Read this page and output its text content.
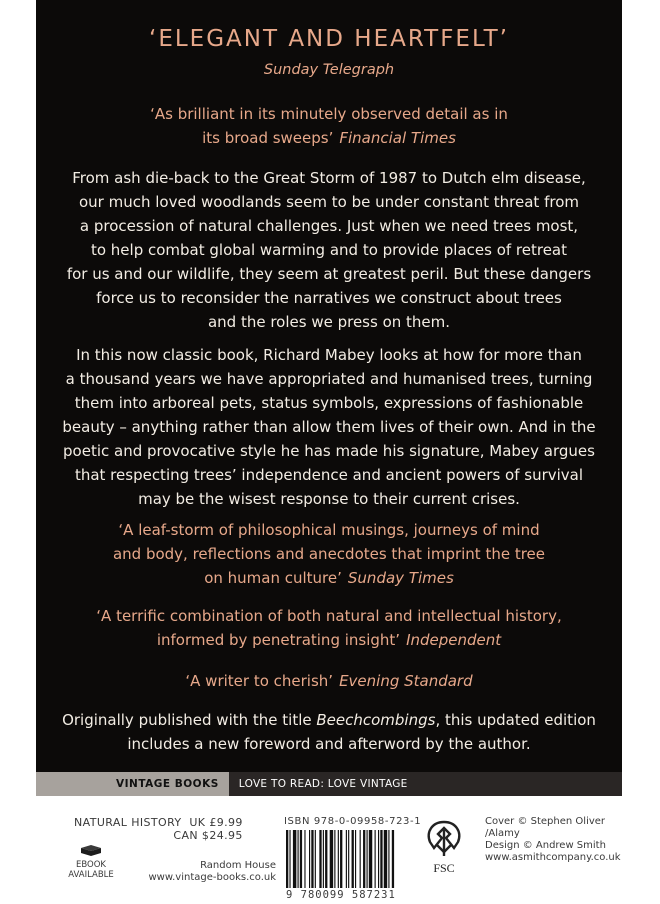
‘ELEGANT AND HEARTFELT’
Sunday Telegraph
‘As brilliant in its minutely observed detail as in
its broad sweeps’ Financial Times
From ash die-back to the Great Storm of 1987 to Dutch elm disease,
our much loved woodlands seem to be under constant threat from
a procession of natural challenges. Just when we need trees most,
to help combat global warming and to provide places of retreat
for us and our wildlife, they seem at greatest peril. But these dangers
force us to reconsider the narratives we construct about trees
and the roles we press on them.
In this now classic book, Richard Mabey looks at how for more than
a thousand years we have appropriated and humanised trees, turning
them into arboreal pets, status symbols, expressions of fashionable
beauty – anything rather than allow them lives of their own. And in the
poetic and provocative style he has made his signature, Mabey argues
that respecting trees’ independence and ancient powers of survival
may be the wisest response to their current crises.
‘A leaf-storm of philosophical musings, journeys of mind
and body, reflections and anecdotes that imprint the tree
on human culture’ Sunday Times
‘A terrific combination of both natural and intellectual history,
informed by penetrating insight’ Independent
‘A writer to cherish’ Evening Standard
Originally published with the title Beechcombings, this updated edition
includes a new foreword and afterword by the author.
VINTAGE BOOKS	LOVE TO READ: LOVE VINTAGE
NATURAL HISTORY
UK £9.99
CAN $24.95
EBOOK
AVAILABLE
Random House
www.vintage-books.co.uk
ISBN 978-0-09958-723-1
9 780099 587231
FSC
Cover © Stephen Oliver
/Alamy
Design © Andrew Smith
www.asmithcompany.co.uk
